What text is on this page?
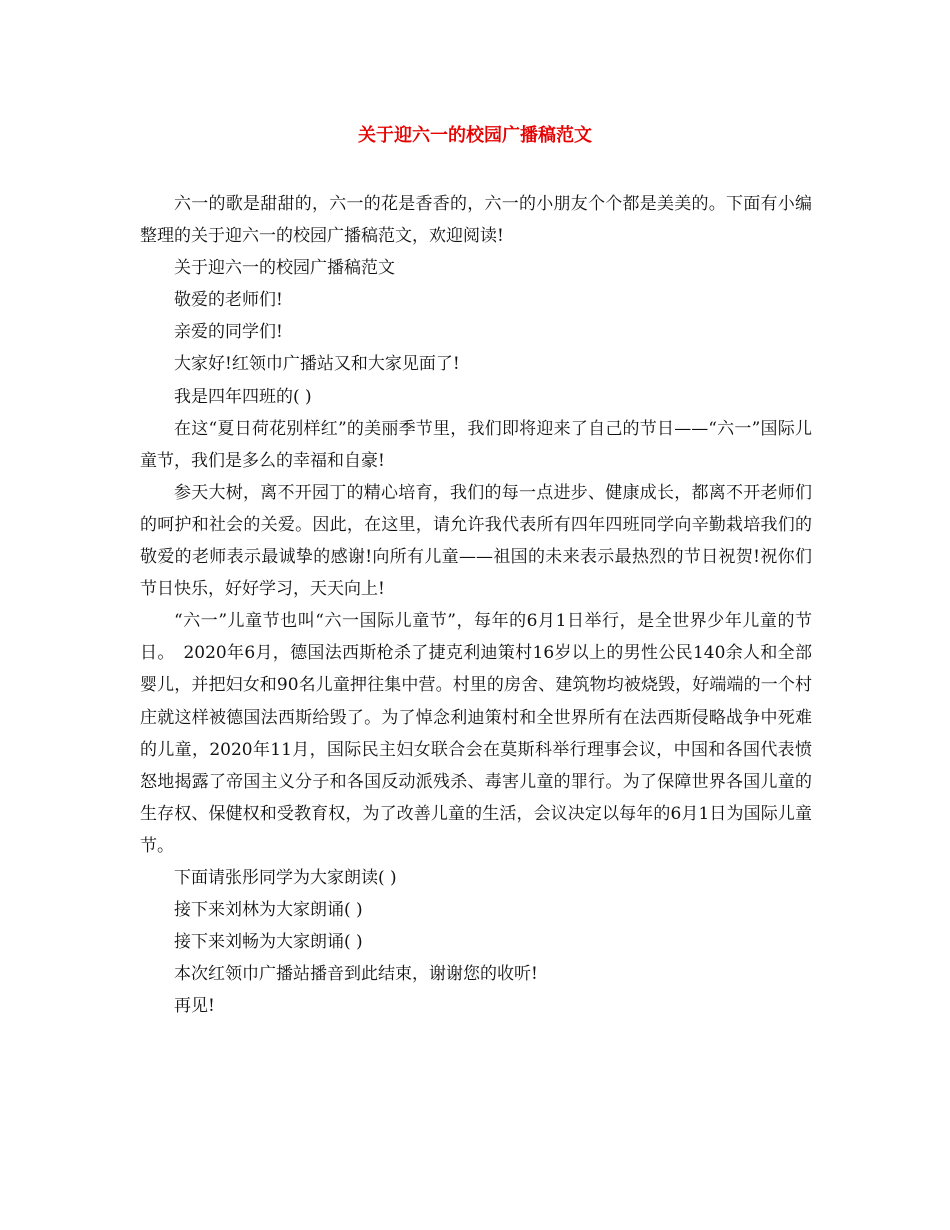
关于迎六一的校园广播稿范文

六一的歌是甜甜的，六一的花是香香的，六一的小朋友个个都是美美的。下面有小编整理的关于迎六一的校园广播稿范文，欢迎阅读!

关于迎六一的校园广播稿范文

敬爱的老师们!

亲爱的同学们!

大家好!红领巾广播站又和大家见面了!

我是四年四班的( )

在这“夏日荷花别样红”的美丽季节里，我们即将迎来了自己的节日——“六一”国际儿童节，我们是多么的幸福和自豪!

参天大树，离不开园丁的精心培育，我们的每一点进步、健康成长，都离不开老师们的呵护和社会的关爱。因此，在这里，请允许我代表所有四年四班同学向辛勤栽培我们的敬爱的老师表示最诚挚的感谢!向所有儿童——祖国的未来表示最热烈的节日祝贺!祝你们节日快乐，好好学习，天天向上!

“六一”儿童节也叫“六一国际儿童节”，每年的6月1日举行，是全世界少年儿童的节日。　2020年6月，德国法西斯枪杀了捷克利迪策村16岁以上的男性公民140余人和全部婴儿，并把妇女和90名儿童押往集中营。村里的房舍、建筑物均被烧毁，好端端的一个村庄就这样被德国法西斯给毁了。为了悼念利迪策村和全世界所有在法西斯侵略战争中死难的儿童，2020年11月，国际民主妇女联合会在莫斯科举行理事会议，中国和各国代表愤怒地揭露了帝国主义分子和各国反动派残杀、毒害儿童的罪行。为了保障世界各国儿童的生存权、保健权和受教育权，为了改善儿童的生活，会议决定以每年的6月1日为国际儿童节。

下面请张彤同学为大家朗读( )

接下来刘林为大家朗诵( )

接下来刘畅为大家朗诵( )

本次红领巾广播站播音到此结束，谢谢您的收听!

再见!
